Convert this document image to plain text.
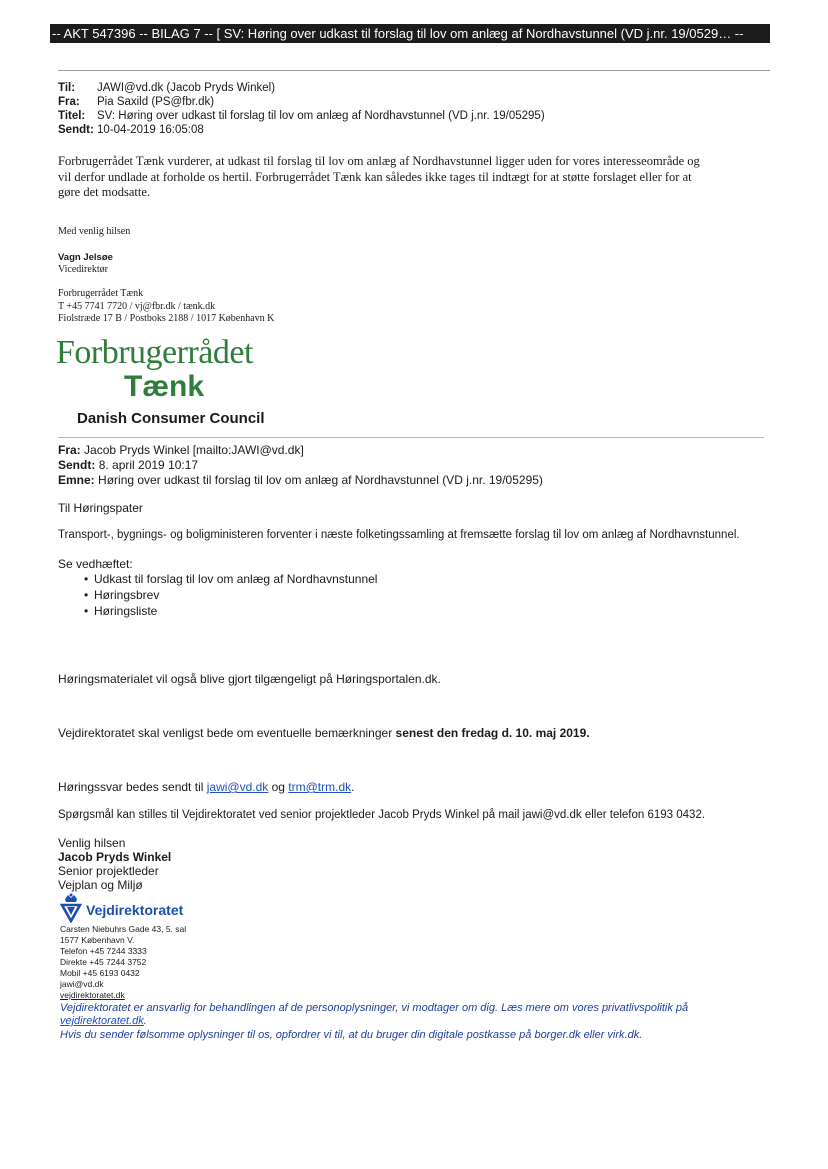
-- AKT 547396 -- BILAG 7 -- [ SV: Høring over udkast til forslag til lov om anlæg af Nordhavstunnel (VD j.nr. 19/0529… --
Til: JAWI@vd.dk (Jacob Pryds Winkel)
Fra: Pia Saxild (PS@fbr.dk)
Titel: SV: Høring over udkast til forslag til lov om anlæg af Nordhavstunnel (VD j.nr. 19/05295)
Sendt: 10-04-2019 16:05:08
Forbrugerrådet Tænk vurderer, at udkast til forslag til lov om anlæg af Nordhavstunnel ligger uden for vores interesseområde og
vil derfor undlade at forholde os hertil. Forbrugerrådet Tænk kan således ikke tages til indtægt for at støtte forslaget eller for at
gøre det modsatte.
Med venlig hilsen
Vagn Jelsøe
Vicedirektør
Forbrugerrådet Tænk
T +45 7741 7720 / vj@fbr.dk / tænk.dk
Fiolstræde 17 B / Postboks 2188 / 1017 København K
Forbrugerrådet
Tænk
Danish Consumer Council
Fra: Jacob Pryds Winkel [mailto:JAWI@vd.dk]
Sendt: 8. april 2019 10:17
Emne: Høring over udkast til forslag til lov om anlæg af Nordhavstunnel (VD j.nr. 19/05295)
Til Høringspater
Transport-, bygnings- og boligministeren forventer i næste folketingssamling at fremsætte forslag til lov om anlæg af Nordhavnstunnel.
Se vedhæftet:
• Udkast til forslag til lov om anlæg af Nordhavnstunnel
• Høringsbrev
• Høringsliste
Høringsmaterialet vil også blive gjort tilgængeligt på Høringsportalen.dk.
Vejdirektoratet skal venligst bede om eventuelle bemærkninger senest den fredag d. 10. maj 2019.
Høringssvar bedes sendt til jawi@vd.dk og trm@trm.dk.
Spørgsmål kan stilles til Vejdirektoratet ved senior projektleder Jacob Pryds Winkel på mail jawi@vd.dk eller telefon 6193 0432.
Venlig hilsen
Jacob Pryds Winkel
Senior projektleder
Vejplan og Miljø
Vejdirektoratet
Carsten Niebuhrs Gade 43, 5. sal
1577 København V.
Telefon +45 7244 3333
Direkte +45 7244 3752
Mobil +45 6193 0432
jawi@vd.dk
vejdirektoratet.dk
Vejdirektoratet er ansvarlig for behandlingen af de personoplysninger, vi modtager om dig. Læs mere om vores privatlivspolitik på
vejdirektoratet.dk.
Hvis du sender følsomme oplysninger til os, opfordrer vi til, at du bruger din digitale postkasse på borger.dk eller virk.dk.
